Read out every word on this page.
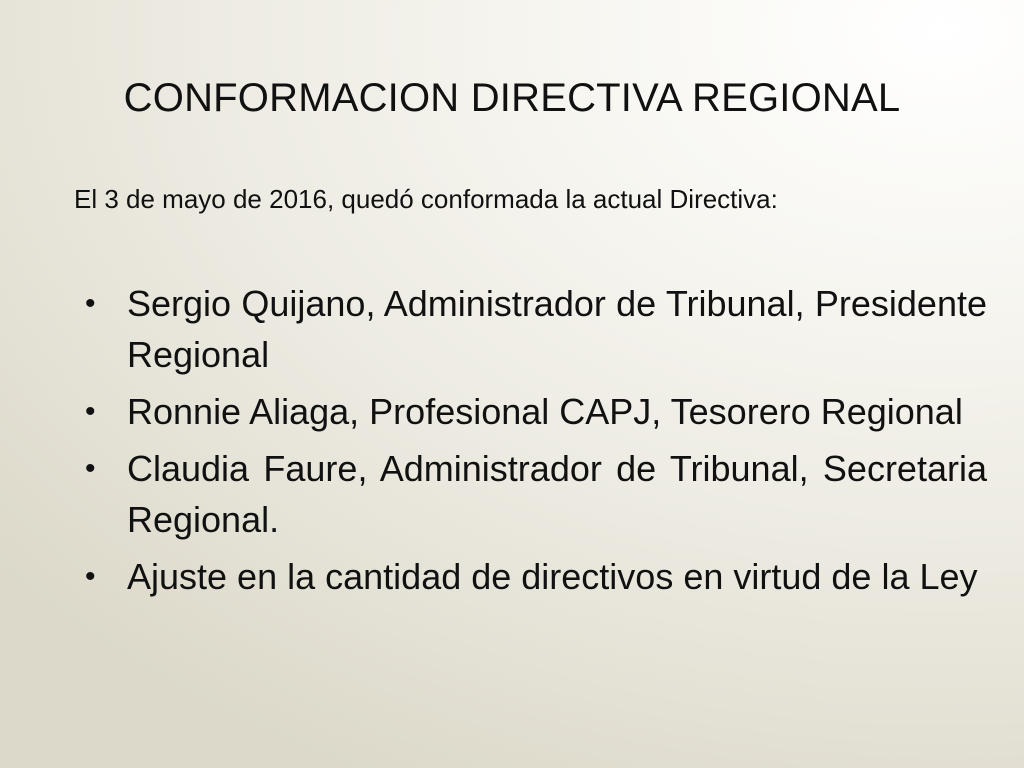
CONFORMACION DIRECTIVA REGIONAL

El 3 de mayo de 2016, quedó conformada la actual Directiva:

• Sergio Quijano, Administrador de Tribunal, Presidente Regional
• Ronnie Aliaga, Profesional CAPJ, Tesorero Regional
• Claudia Faure, Administrador de Tribunal, Secretaria Regional.
• Ajuste en la cantidad de directivos en virtud de la Ley
